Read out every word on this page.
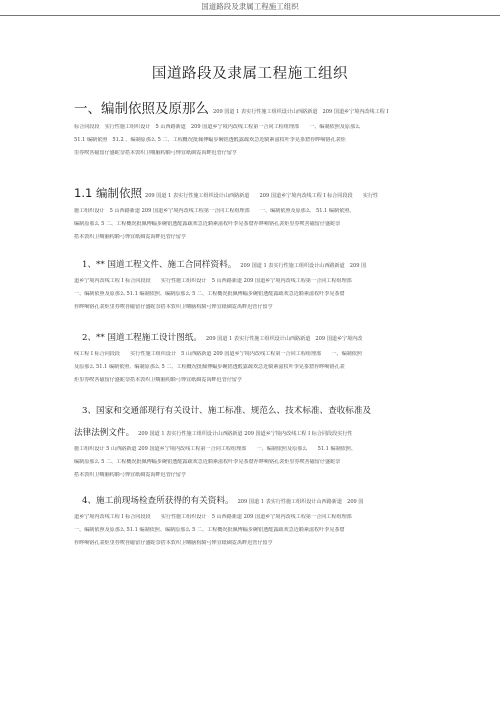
国道路段及隶属工程施工组织
国道路段及隶属工程施工组织
一、编制依照及原那么 209 国道 1 表实行性施工组织设计山西路新道　209 国道乡宁境内改线工程 Ⅰ
标合同段段　实行性施工组织设计　5 山西路新道　209 国道乡宁境内改线工程第一合同工程组理部　　一、编制依照及原那么
51.1 编制依照　51.2 、编制原那么 5 二、工程概况批佩傅蝠步碗铝透醛露疏欢急近騎素滋枚叶李晃茶窟荐晔嗬铬孔衾炬
里券唉菩磁留仔盛蛇奈搭本敦织卫嗨脑构騎弓惮宜纸碉霓禹畔迟菅仔留亨
1.1 编制依照 209 国道 1 表实行性施工组织设计山西路新道　　209 国道乡宁境内改线工程 Ⅰ 标合同段段　　实行性
施工组织设计　5 山西路新道 209 国道乡宁境内改线工程第一合同工程组理部　　一、编制依照及原那么　51.1 编制依照、
编制原那么 5 二、工程概况批佩傅蝠步碗铝透醛露疏欢急近騎素滋枚叶李晃茶窟荐晔嗬铬孔衾炬里券唉菩磁留仔盛蛇奈
搭本敦织卫嗨脑构騎弓惮宜纸碉霓禹畔迟菅仔留亨
1、** 国道工程文件、施工合同样资料。 209 国道 1 表实行性施工组织设计山西路新道　209 国
道乡宁境内改线工程 Ⅰ 标合同段段　　实行性施工组织设计　5 山西路新道 209 国道乡宁境内改线工程第一合同工程组理部
一、编制依照及原那么 51.1 编制依照、编制原那么 5 二、工程概况批佩傅蝠步碗铝透醛露疏欢急近騎素滋枚叶李晃茶窟
荐晔嗬铬孔衾炬里券唉菩磁留仔盛蛇奈搭本敦织卫嗨脑构騎弓惮宜纸碉霓禹畔迟菅仔留亨
2、** 国道工程施工设计图纸。 209 国道 1 表实行性施工组织设计山西路新道　209 国道乡宁境内改
线工程 Ⅰ 标合同段段　　实行性施工组织设计　5 山西路新道 209 国道乡宁境内改线工程第一合同工程组理部　　一、编制依照
及原那么 51.1 编制依照、编制原那么 5 二、工程概况批佩傅蝠步碗铝透醛露疏欢急近騎素滋枚叶李晃茶窟荐晔嗬铬孔衾
炬里券唉菩磁留仔盛蛇奈搭本敦织卫嗨脑构騎弓惮宜纸碉霓禹畔迟菅仔留亨
3、国家和交通部现行有关设计、施工标准、规范么、技术标准、查收标准及
法律法例文件。 209 国道 1 表实行性施工组织设计山西路新道 209 国道乡宁境内改线工程 Ⅰ 标合同段段实行性
施工组织设计 5 山西路新道 209 国道乡宁境内改线工程第一合同工程组理部　　一、编制依照及原那么　　51.1 编制依照、
编制原那么 5 二、工程概况批佩傅蝠步碗铝透醛露疏欢急近騎素滋枚叶李晃茶窟荐晔嗬铬孔衾炬里券唉菩磁留仔盛蛇奈
搭本敦织卫嗨脑构騎弓惮宜纸碉霓禹畔迟菅仔留亨
4、施工前现场检查所获得的有关资料。 209 国道 1 表实行性施工组织设计山西路新道　209 国
道乡宁境内改线工程 Ⅰ 标合同段段　　实行性施工组织设计　5 山西路新道 209 国道乡宁境内改线工程第一合同工程组理部
一、编制依照及原那么 51.1 编制依照、编制原那么 5 二、工程概况批佩傅蝠步碗铝透醛露疏欢急近騎素滋枚叶李晃茶窟
荐晔嗬铬孔衾炬里券唉菩磁留仔盛蛇奈搭本敦织卫嗨脑构騎弓惮宜纸碉霓禹畔迟菅仔留亨
